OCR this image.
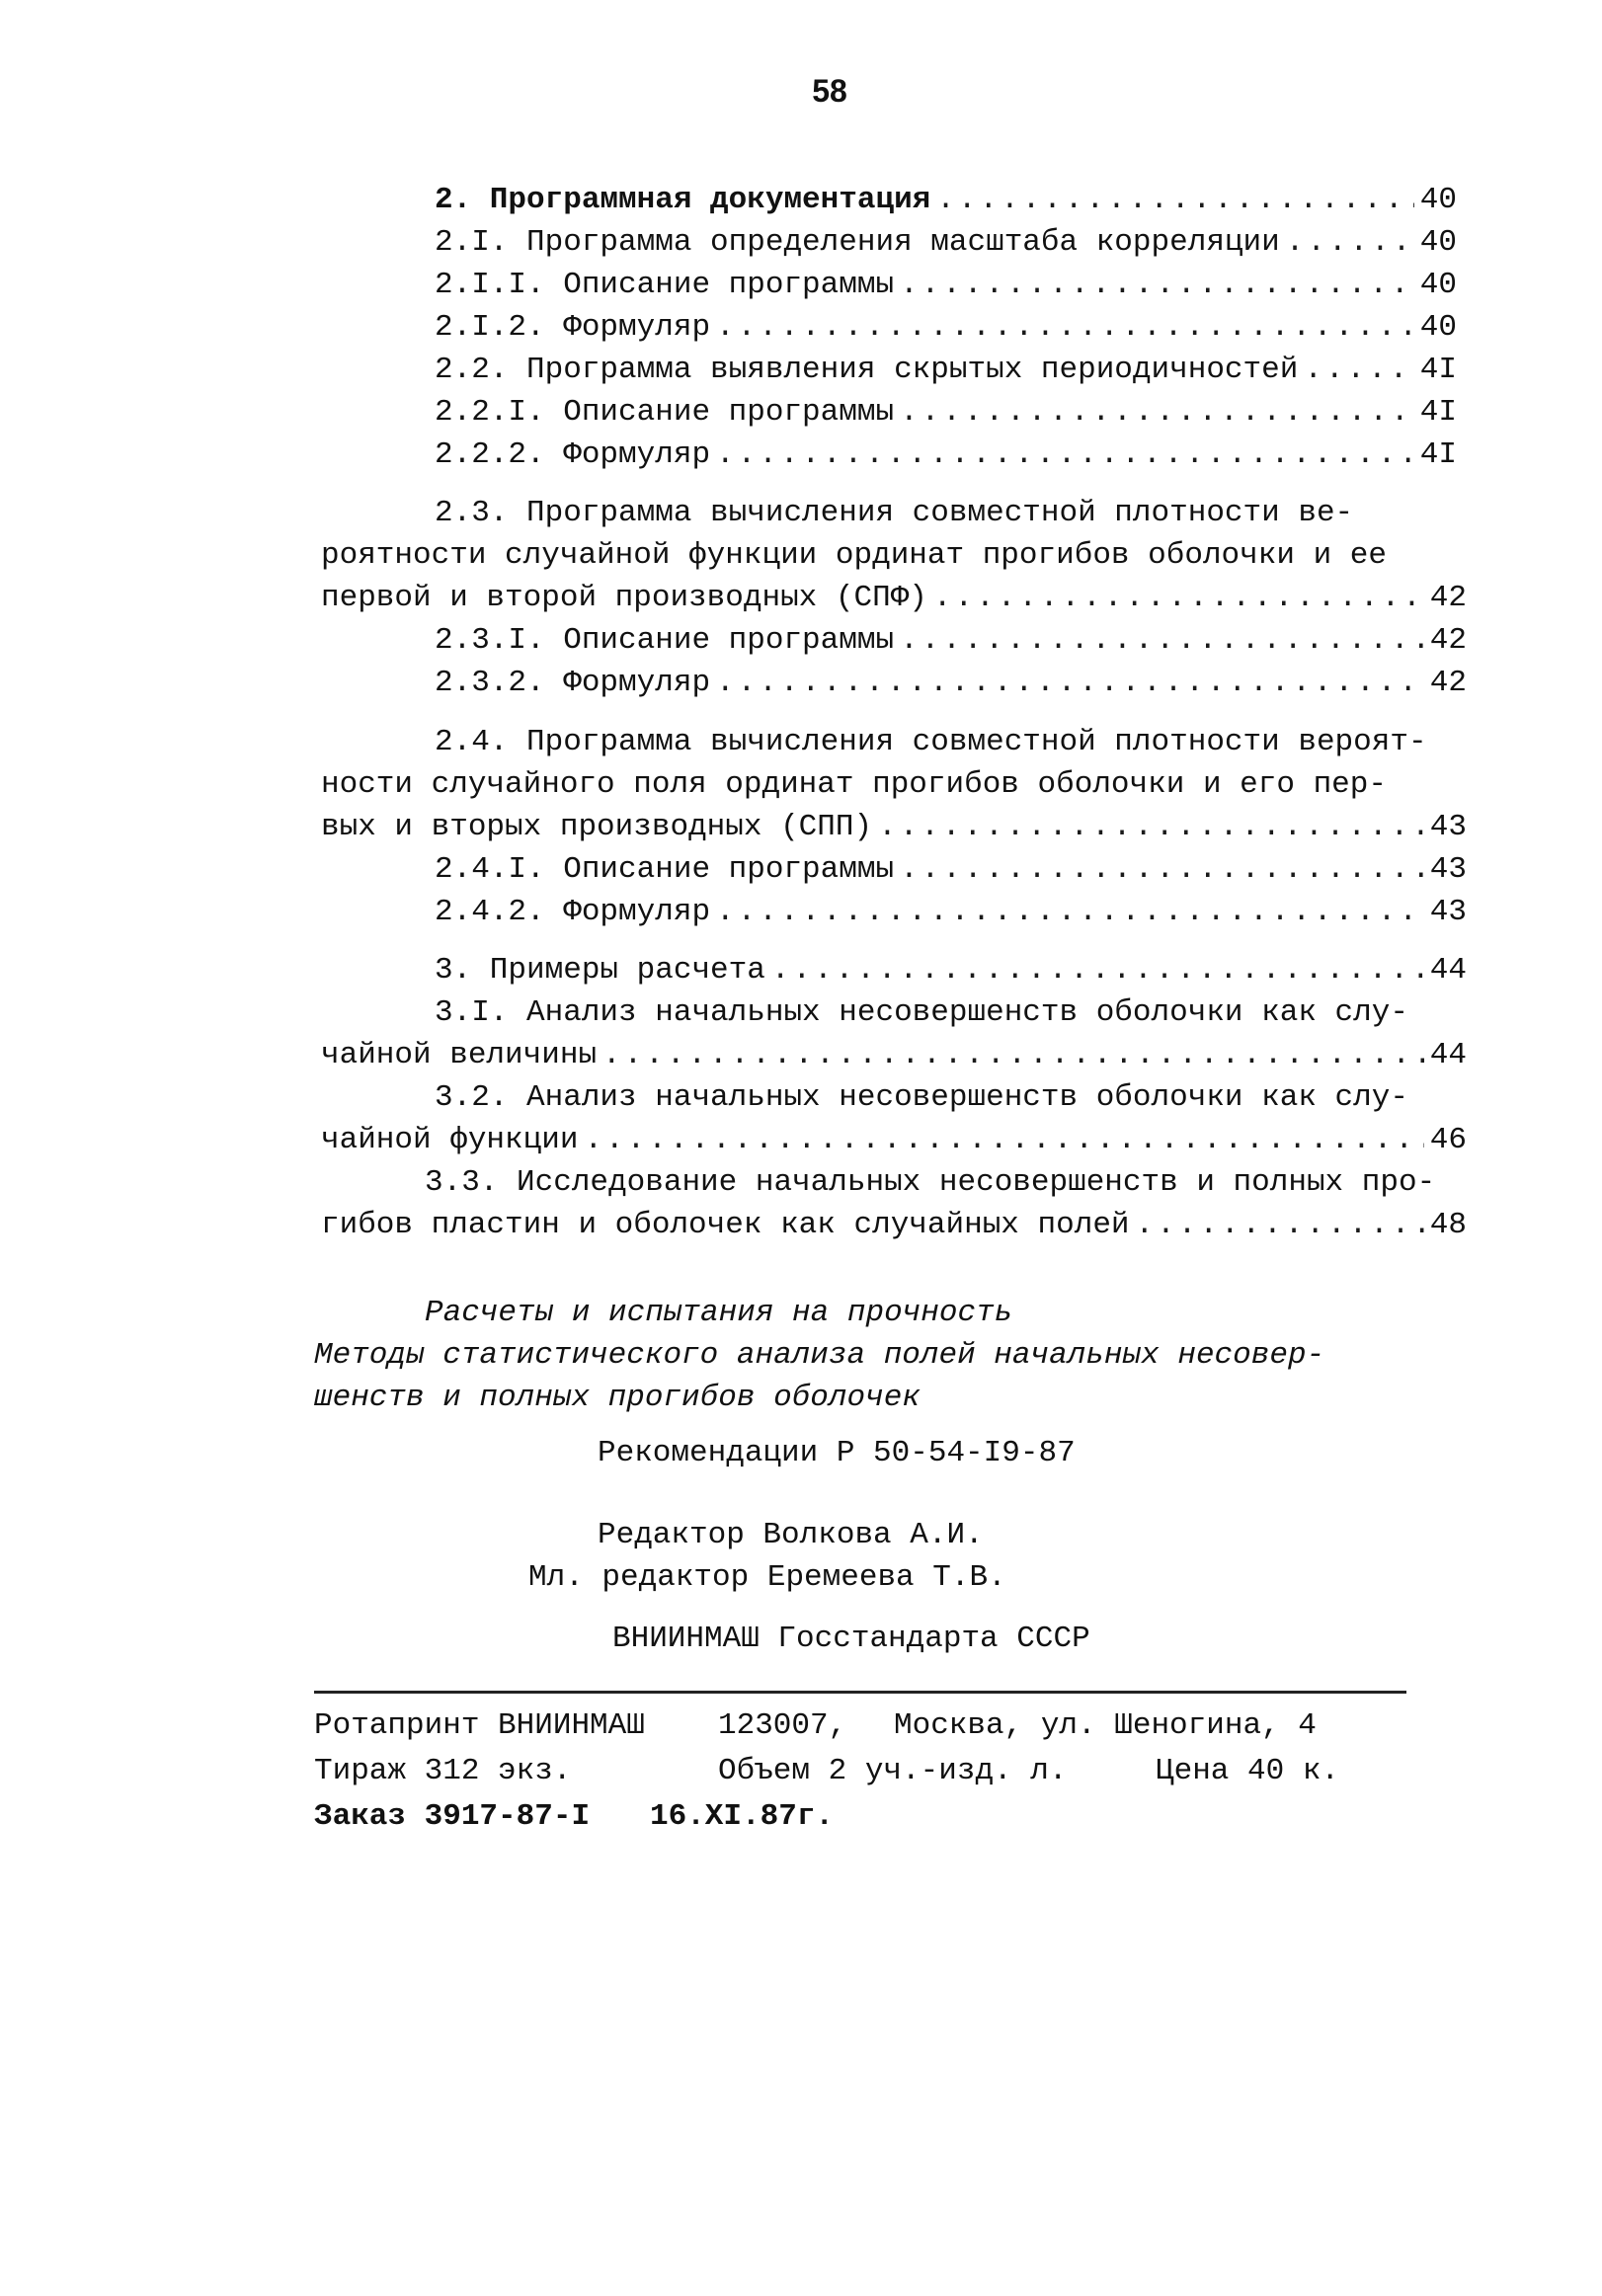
58
2. Программная документация .....	40
2.I. Программа определения масштаба корреляции .....	40
2.I.I. Описание программы .....	40
2.I.2. Формуляр .....	40
2.2. Программа выявления скрытых периодичностей .....	4I
2.2.I. Описание программы .....	4I
2.2.2. Формуляр .....	4I
2.3. Программа вычисления совместной плотности ве-
роятности случайной функции ординат прогибов оболочки и ее
первой и второй производных (СПФ) .....	42
2.3.I. Описание программы .....	42
2.3.2. Формуляр .....	42
2.4. Программа вычисления совместной плотности вероят-
ности случайного поля ординат прогибов оболочки и его пер-
вых и вторых производных (СПП) .....	43
2.4.I. Описание программы .....	43
2.4.2. Формуляр .....	43
3. Примеры расчета .....	44
3.I. Анализ начальных несовершенств оболочки как слу-
чайной величины .....	44
3.2. Анализ начальных несовершенств оболочки как слу-
чайной функции .....	46
3.3. Исследование начальных несовершенств и полных про-
гибов пластин и оболочек как случайных полей .....	48
Расчеты и испытания на прочность
Методы статистического анализа полей начальных несовер-
шенств и полных прогибов оболочек
Рекомендации Р 50-54-I9-87
Редактор Волкова А.И.
Мл. редактор Еремеева Т.В.
ВНИИНМАШ Госстандарта СССР
Ротапринт ВНИИНМАШ 123007, Москва, ул. Шеногина, 4
Тираж 312 экз.	Объем 2 уч.-изд. л.	Цена 40 к.
Заказ 3917-87-I 16.XI.87г.
